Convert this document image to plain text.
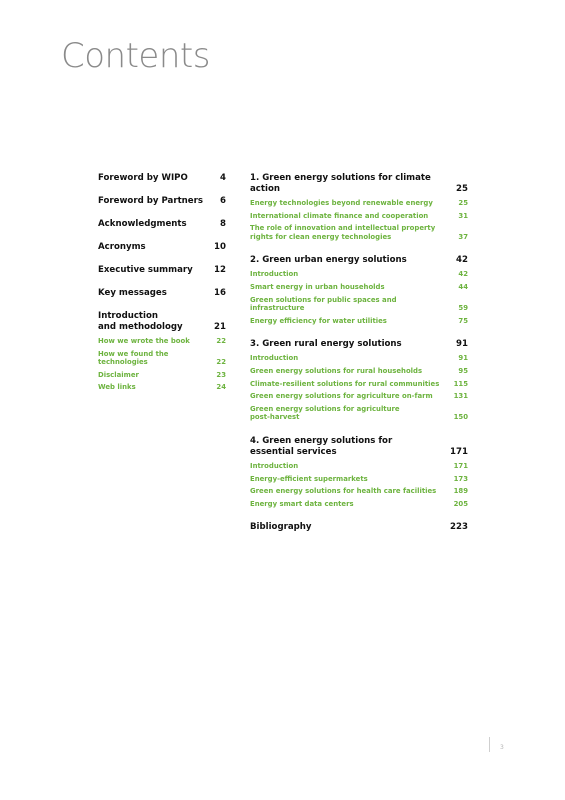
Contents
Foreword by WIPO	4
Foreword by Partners	6
Acknowledgments	8
Acronyms	10
Executive summary	12
Key messages	16
Introduction
and methodology	21
How we wrote the book	22
How we found the
technologies	22
Disclaimer	23
Web links	24
1. Green energy solutions for climate action	25
Energy technologies beyond renewable energy	25
International climate finance and cooperation	31
The role of innovation and intellectual property
rights for clean energy technologies	37
2. Green urban energy solutions	42
Introduction	42
Smart energy in urban households	44
Green solutions for public spaces and
infrastructure	59
Energy efficiency for water utilities	75
3. Green rural energy solutions	91
Introduction	91
Green energy solutions for rural households	95
Climate-resilient solutions for rural communities	115
Green energy solutions for agriculture on-farm	131
Green energy solutions for agriculture
post-harvest	150
4. Green energy solutions for
essential services	171
Introduction	171
Energy-efficient supermarkets	173
Green energy solutions for health care facilities	189
Energy smart data centers	205
Bibliography	223
3
